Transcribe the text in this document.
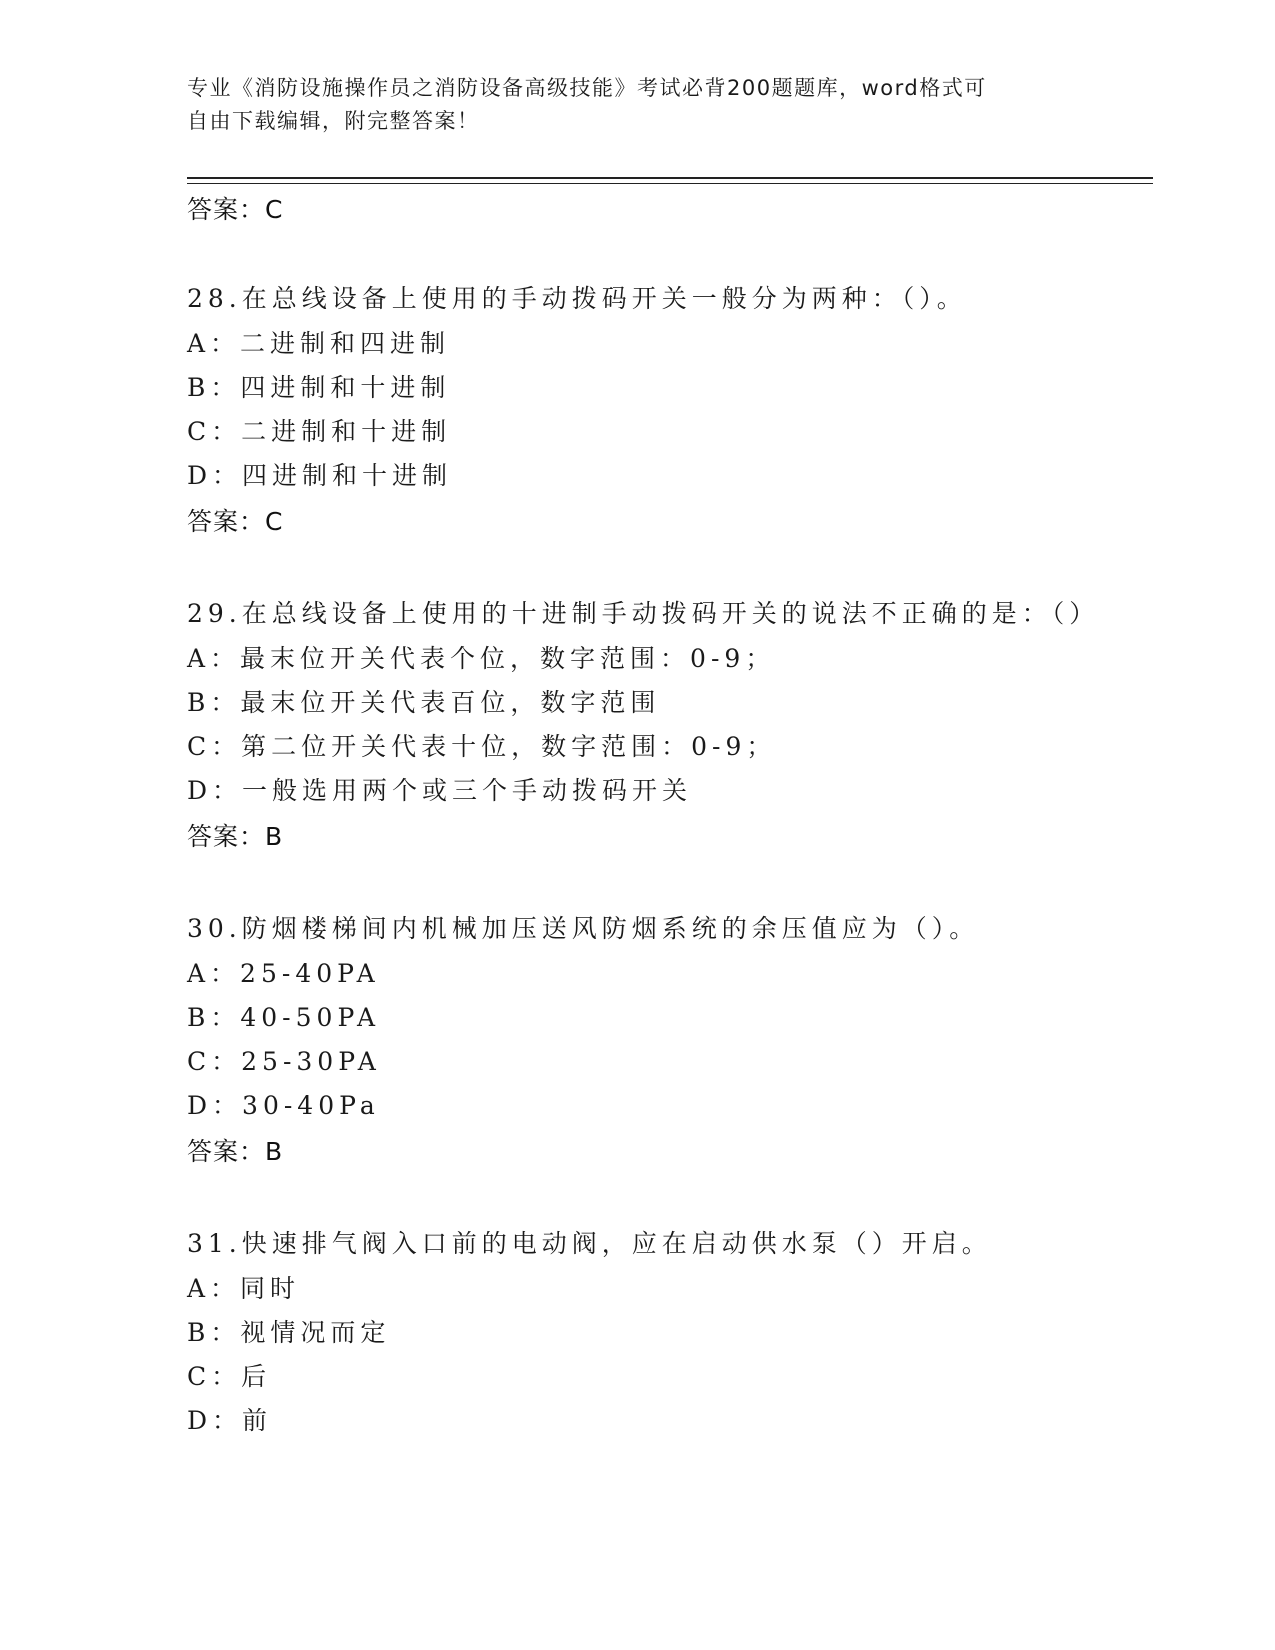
专业《消防设施操作员之消防设备高级技能》考试必背200题题库，word格式可
自由下载编辑，附完整答案！
答案：C
28.在总线设备上使用的手动拨码开关一般分为两种：（）。
A：二进制和四进制
B：四进制和十进制
C：二进制和十进制
D：四进制和十进制
答案：C
29.在总线设备上使用的十进制手动拨码开关的说法不正确的是：（）
A：最末位开关代表个位，数字范围：0-9；
B：最末位开关代表百位，数字范围
C：第二位开关代表十位，数字范围：0-9；
D：一般选用两个或三个手动拨码开关
答案：B
30.防烟楼梯间内机械加压送风防烟系统的余压值应为（）。
A：25-40PA
B：40-50PA
C：25-30PA
D：30-40Pa
答案：B
31.快速排气阀入口前的电动阀，应在启动供水泵（）开启。
A：同时
B：视情况而定
C：后
D：前
